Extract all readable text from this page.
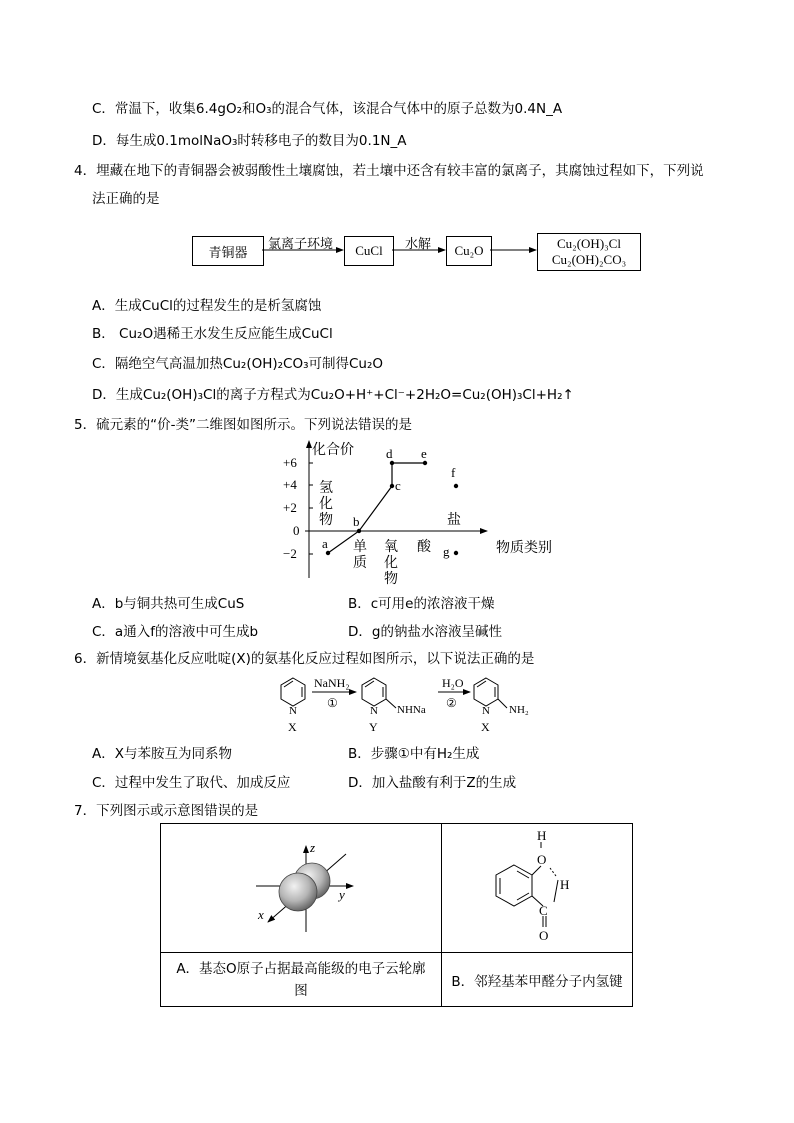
C．常温下，收集6.4gO₂和O₃的混合气体，该混合气体中的原子总数为0.4N_A
D．每生成0.1molNaO₃时转移电子的数目为0.1N_A
4．埋藏在地下的青铜器会被弱酸性土壤腐蚀，若土壤中还含有较丰富的氯离子，其腐蚀过程如下，下列说
法正确的是
青铜器
氯离子环境 CuCl 水解 Cu₂O	Cu₂(OH)₃Cl
Cu₂(OH)₂CO₃
A．生成CuCl的过程发生的是析氢腐蚀
B． Cu₂O遇稀王水发生反应能生成CuCl
C．隔绝空气高温加热Cu₂(OH)₂CO₃可制得Cu₂O
D．生成Cu₂(OH)₃Cl的离子方程式为Cu₂O+H⁺+Cl⁻+2H₂O=Cu₂(OH)₃Cl+H₂↑
5．硫元素的“价-类”二维图如图所示。下列说法错误的是
化合价
物质类别
+6
+4
+2
0
−2
氢
化
物
单
质
氧
化
物
酸
盐
a
b
c
d e
f
g
A．b与铜共热可生成CuS	B．c可用e的浓溶液干燥
C．a通入f的溶液中可生成b	D．g的钠盐水溶液呈碱性
6．新情境氨基化反应吡啶(X)的氨基化反应过程如图所示，以下说法正确的是
N
X
NaNH₂
①
N NHNa
Y
H₂O
②
N NH₂
X
A．X与苯胺互为同系物	B．步骤①中有H₂生成
C．过程中发生了取代、加成反应	D．加入盐酸有利于Z的生成
7．下列图示或示意图错误的是
z
y
x	H
O
H
C
O

A．基态O原子占据最高能级的电子云轮廓
图	B．邻羟基苯甲醛分子内氢键
